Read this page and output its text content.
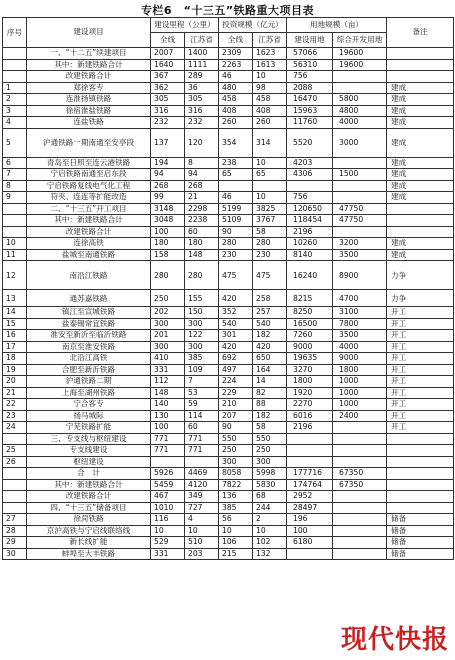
专栏6　“十三五”铁路重大项目表
序号	建设项目	建设里程（公里）		投资规模（亿元）		用地规模（亩）		备注
		全线	江苏省	全线	江苏省	建设用地	综合开发用地	
	一、“十二五”续建项目	2007	1400	2309	1623	57066	19600	
	其中：新建铁路合计	1640	1111	2263	1613	56310	19600	
	改建铁路合计	367	289	46	10	756		
1	郑徐客专	362	36	480	98	2088		建成
2	连淮扬镇铁路	305	305	458	458	16470	5800	建成
3	徐宿淮盐铁路	316	316	408	408	15963	4800	建成
4	连盐铁路	232	232	260	260	11760	4000	建成
5	沪通铁路一期南通至安亭段	137	120	354	314	5520	3000	建成
6	青岛至日照至连云港铁路	194	8	238	10	4203		建成
7	宁启铁路南通至启东段	94	94	65	65	4306	1500	建成
8	宁启铁路复线电气化工程	268	268					建成
9	符夹、连连等扩能改造	99	21	46	10	756		建成
	二、“十三五”开工项目	3148	2298	5199	3825	120650	47750	
	其中：新建铁路合计	3048	2238	5109	3767	118454	47750	
	改建铁路合计	100	60	90	58	2196		
10	连徐高铁	180	180	280	280	10260	3200	建成
11	盐城至南通铁路	158	148	230	230	8140	3500	建成
12	南沿江铁路	280	280	475	475	16240	8900	力争
13	通苏嘉铁路	250	155	420	258	8215	4700	力争
14	镇江至宣城铁路	202	150	352	257	8250	3100	开工
15	盐泰锡常宜铁路	300	300	540	540	16500	7800	开工
16	淮安至新沂至临沂铁路	201	122	301	182	7260	3500	开工
17	南京至淮安铁路	300	300	420	420	9000	4000	开工
18	北沿江高铁	410	385	692	650	19635	9000	开工
19	合肥至新沂铁路	331	109	497	164	3270	1800	开工
20	沪通铁路二期	112	7	224	14	1800	1000	开工
21	上海至湖州铁路	148	53	229	82	1920	1000	开工
22	宁合客专	140	59	210	88	2270	1000	开工
23	扬马城际	130	114	207	182	6016	2400	开工
24	宁芜铁路扩能	100	60	90	58	2196		开工
	三、专支线与枢纽建设	771	771	550	550			
25	专支线建设	771	771	250	250			
26	枢纽建设			300	300			
	合　计	5926	4469	8058	5998	177716	67350	
	其中：新建铁路合计	5459	4120	7822	5830	174764	67350	
	改建铁路合计	467	349	136	68	2952		
	四、“十三五”储备项目	1010	727	385	244	28497		
27	徐菏铁路	116	4	56	2	196		储备
28	京沪高铁与宁启线联络线	10	10	10	10	100		储备
29	新长线扩能	529	510	106	102	6180		储备
30	蚌埠至大丰铁路	331	203	215	132			储备
现代快报
